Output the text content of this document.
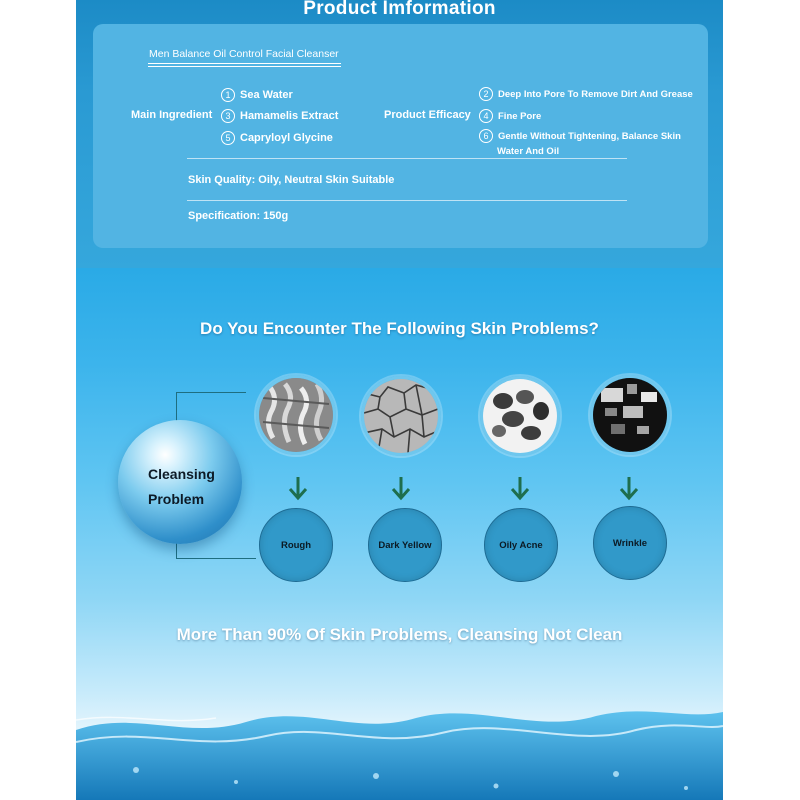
Product Imformation
Men Balance Oil Control Facial Cleanser
Main Ingredient
1 Sea Water
3 Hamamelis Extract
5 Capryloyl Glycine
Product Efficacy
2	Deep Into Pore To Remove Dirt And Grease
4	Fine Pore
6	Gentle Without Tightening, Balance Skin
Water And Oil
Skin Quality: Oily, Neutral Skin Suitable
Specification: 150g
Do You Encounter The Following Skin Problems?
Cleansing
Problem
Rough	Dark Yellow	Oily Acne	Wrinkle
More Than 90% Of Skin Problems, Cleansing Not Clean
